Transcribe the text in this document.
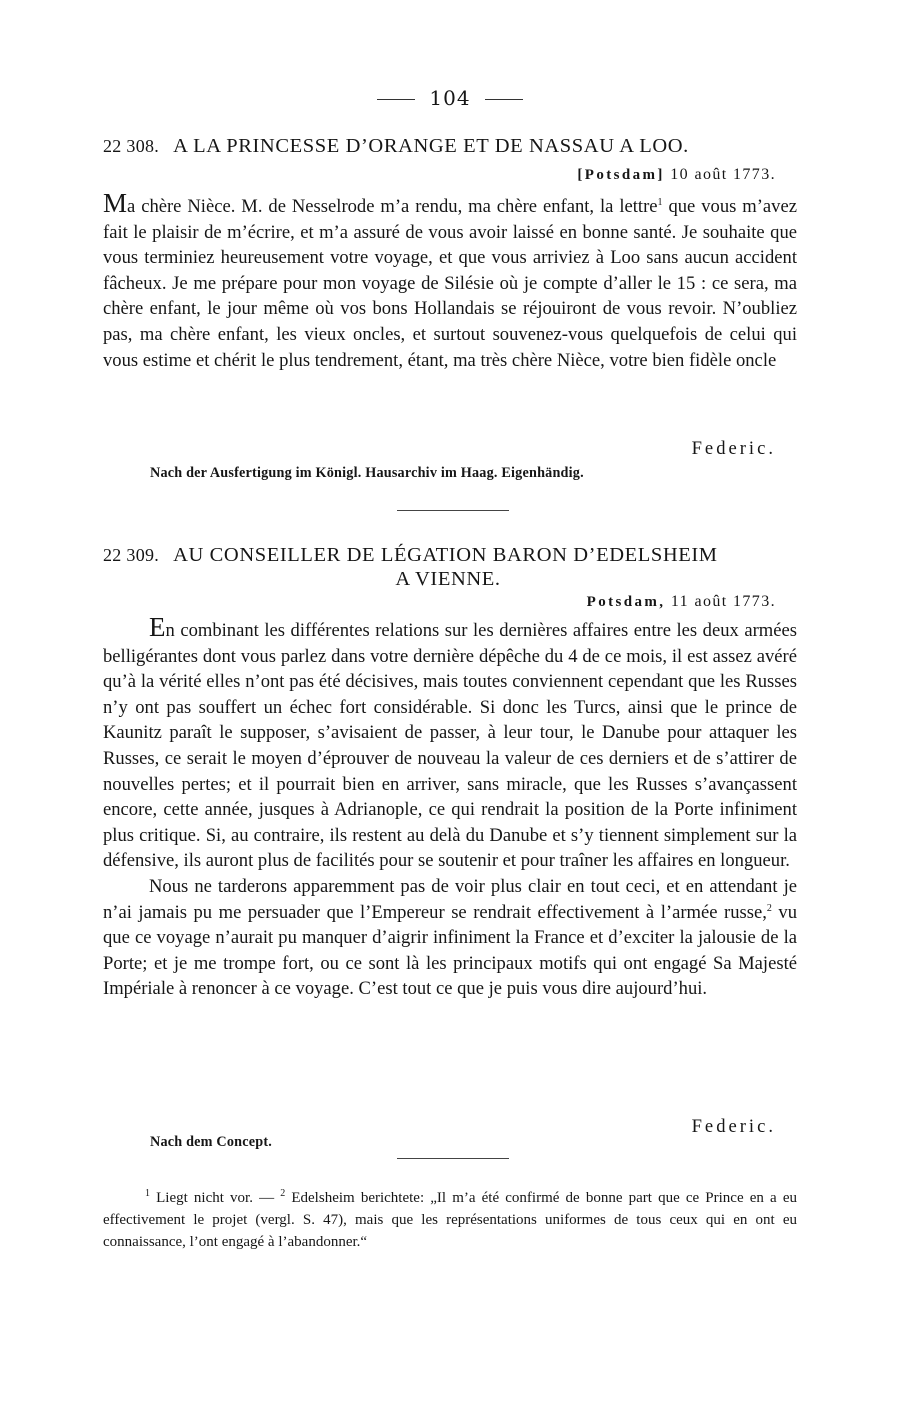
104
22 308. A LA PRINCESSE D’ORANGE ET DE NASSAU A LOO.
[Potsdam] 10 août 1773.

Ma chère Nièce. M. de Nesselrode m’a rendu, ma chère enfant, la lettre$^1$ que vous m’avez fait le plaisir de m’écrire, et m’a assuré de vous avoir laissé en bonne santé. Je souhaite que vous terminiez heureusement votre voyage, et que vous arriviez à Loo sans aucun accident fâcheux. Je me prépare pour mon voyage de Silésie où je compte d’aller le 15 : ce sera, ma chère enfant, le jour même où vos bons Hollandais se réjouiront de vous revoir. N’oubliez pas, ma chère enfant, les vieux oncles, et surtout souvenez-vous quelquefois de celui qui vous estime et chérit le plus tendrement, étant, ma très chère Nièce, votre bien fidèle oncle

Federic.
Nach der Ausfertigung im Königl. Hausarchiv im Haag. Eigenhändig.
22 309. AU CONSEILLER DE LÉGATION BARON D’EDELSHEIM
A VIENNE.
Potsdam, 11 août 1773.

En combinant les différentes relations sur les dernières affaires entre les deux armées belligérantes dont vous parlez dans votre dernière dépêche du 4 de ce mois, il est assez avéré qu’à la vérité elles n’ont pas été décisives, mais toutes conviennent cependant que les Russes n’y ont pas souffert un échec fort considérable. Si donc les Turcs, ainsi que le prince de Kaunitz paraît le supposer, s’avisaient de passer, à leur tour, le Danube pour attaquer les Russes, ce serait le moyen d’éprouver de nouveau la valeur de ces derniers et de s’attirer de nouvelles pertes; et il pourrait bien en arriver, sans miracle, que les Russes s’avançassent encore, cette année, jusques à Adrianople, ce qui rendrait la position de la Porte infiniment plus critique. Si, au contraire, ils restent au delà du Danube et s’y tiennent simplement sur la défensive, ils auront plus de facilités pour se soutenir et pour traîner les affaires en longueur.

Nous ne tarderons apparemment pas de voir plus clair en tout ceci, et en attendant je n’ai jamais pu me persuader que l’Empereur se rendrait effectivement à l’armée russe,$^2$ vu que ce voyage n’aurait pu manquer d’aigrir infiniment la France et d’exciter la jalousie de la Porte; et je me trompe fort, ou ce sont là les principaux motifs qui ont engagé Sa Majesté Impériale à renoncer à ce voyage. C’est tout ce que je puis vous dire aujourd’hui.

Federic.
Nach dem Concept.

$^1$ Liegt nicht vor. — $^2$ Edelsheim berichtete: „Il m’a été confirmé de bonne part que ce Prince en a eu effectivement le projet (vergl. S. 47), mais que les représentations uniformes de tous ceux qui en ont eu connaissance, l’ont engagé à l’abandonner.“
